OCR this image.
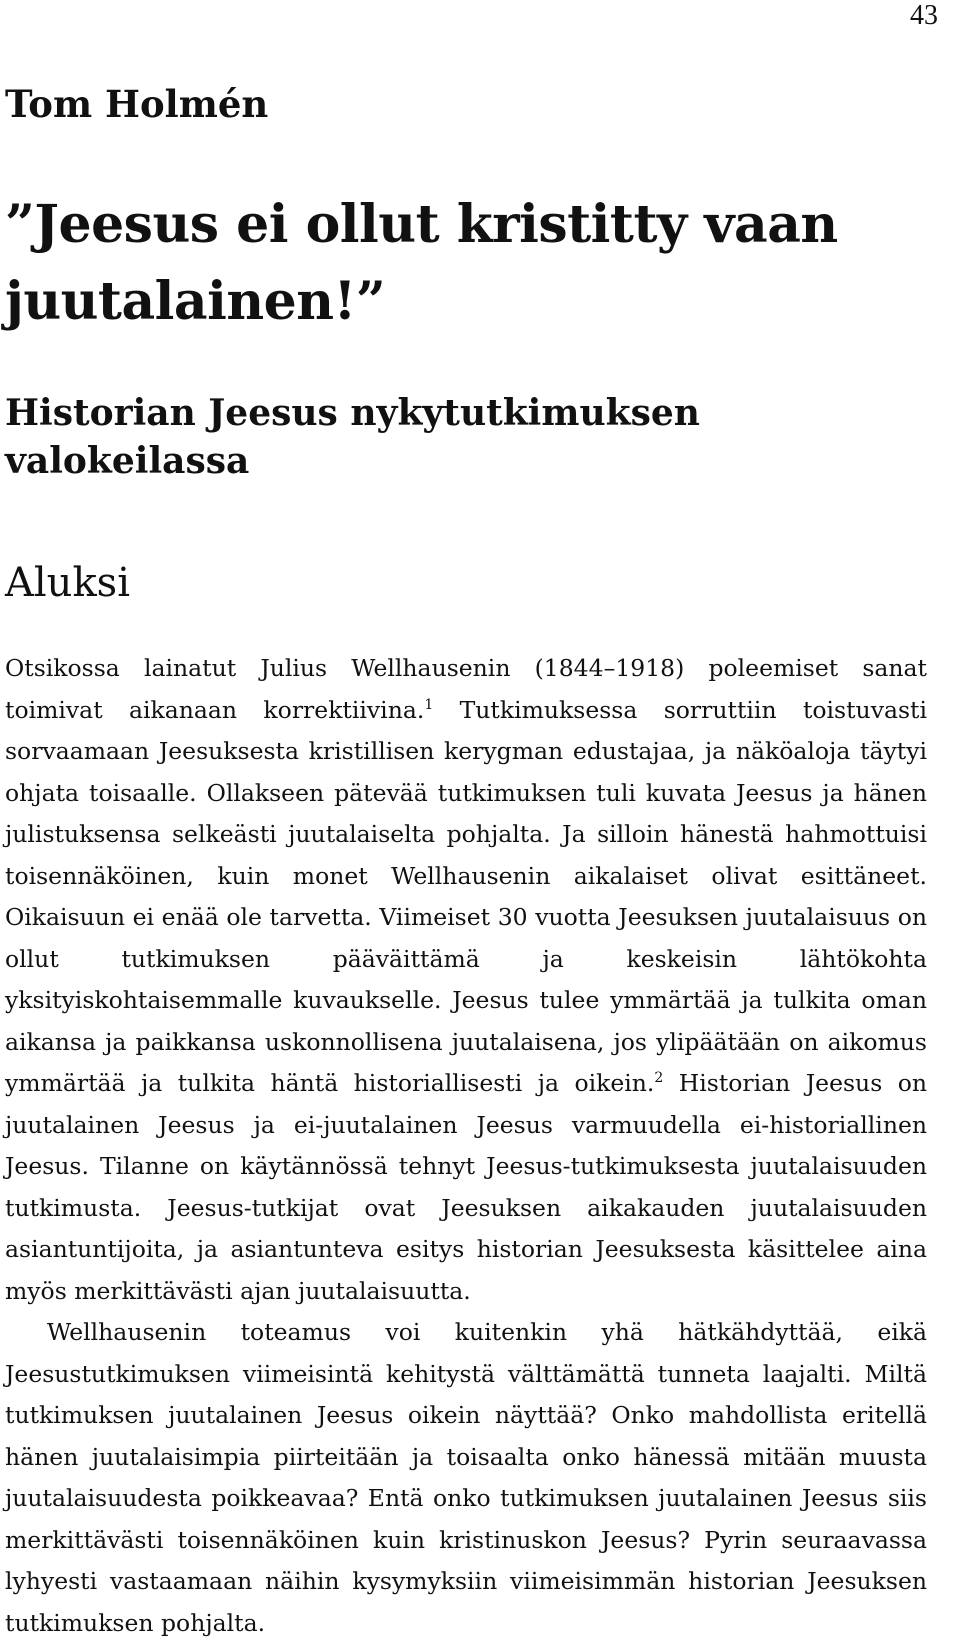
43
Tom Holmén
”Jeesus ei ollut kristitty vaan juutalainen!”
Historian Jeesus nykytutkimuksen valokeilassa
Aluksi

Otsikossa lainatut Julius Wellhausenin (1844–1918) poleemiset sanat toimivat aikanaan korrektiivina.$^1$ Tutkimuksessa sorruttiin toistuvasti sorvaamaan Jeesuksesta kristillisen kerygman edustajaa, ja näköaloja täytyi ohjata toisaalle. Ollakseen pätevää tutkimuksen tuli kuvata Jeesus ja hänen julistuksensa selkeästi juutalaiselta pohjalta. Ja silloin hänestä hahmottuisi toisennäköinen, kuin monet Wellhausenin aikalaiset olivat esittäneet. Oikaisuun ei enää ole tarvetta. Viimeiset 30 vuotta Jeesuksen juutalaisuus on ollut tutkimuksen pääväittämä ja keskeisin lähtökohta yksityiskohtaisemmalle kuvaukselle. Jeesus tulee ymmärtää ja tulkita oman aikansa ja paikkansa uskonnollisena juutalaisena, jos ylipäätään on aikomus ymmärtää ja tulkita häntä historiallisesti ja oikein.$^2$ Historian Jeesus on juutalainen Jeesus ja ei-juutalainen Jeesus varmuudella ei-historiallinen Jeesus. Tilanne on käytännössä tehnyt Jeesus-tutkimuksesta juutalaisuuden tutkimusta. Jeesus-tutkijat ovat Jeesuksen aikakauden juutalaisuuden asiantuntijoita, ja asiantunteva esitys historian Jeesuksesta käsittelee aina myös merkittävästi ajan juutalaisuutta.

Wellhausenin toteamus voi kuitenkin yhä hätkähdyttää, eikä Jeesustutkimuksen viimeisintä kehitystä välttämättä tunneta laajalti. Miltä tutkimuksen juutalainen Jeesus oikein näyttää? Onko mahdollista eritellä hänen juutalaisimpia piirteitään ja toisaalta onko hänessä mitään muusta juutalaisuudesta poikkeavaa? Entä onko tutkimuksen juutalainen Jeesus siis merkittävästi toisennäköinen kuin kristinuskon Jeesus? Pyrin seuraavassa lyhyesti vastaamaan näihin kysymyksiin viimeisimmän historian Jeesuksen tutkimuksen pohjalta.
